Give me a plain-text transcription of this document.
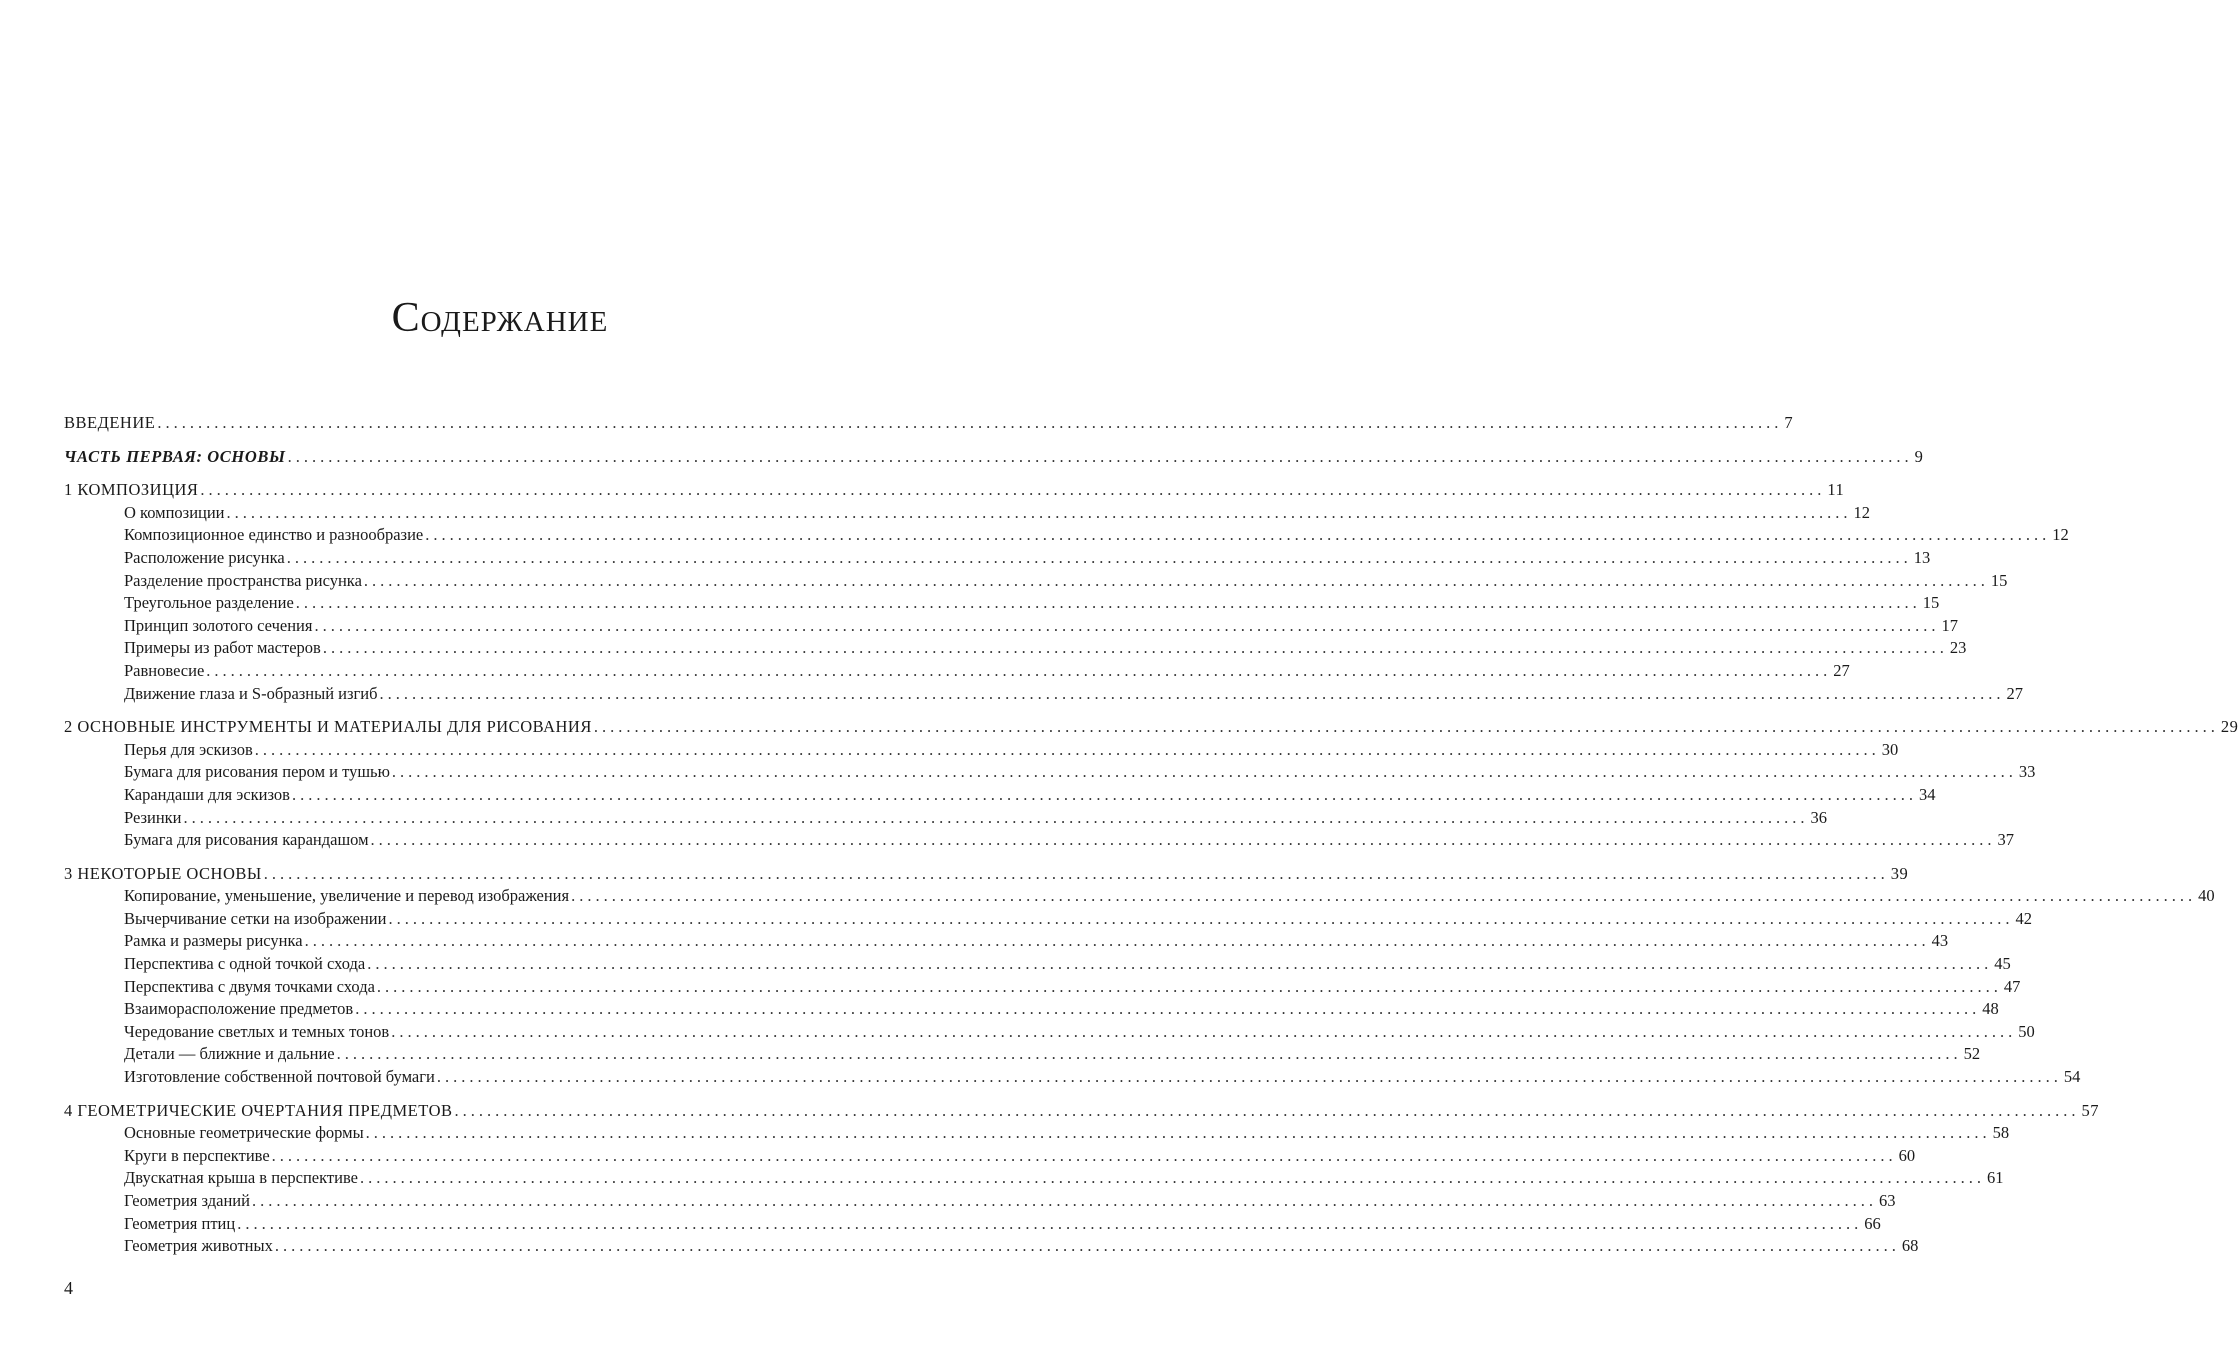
Содержание
ВВЕДЕНИЕ ........................................................................................................................................................................................................ 7
ЧАСТЬ ПЕРВАЯ: ОСНОВЫ ........................................................................................................................................................................................................ 9
1 КОМПОЗИЦИЯ ........................................................................................................................................................................................................ 11
О композиции ........................................................................................................................................................................................................ 12
Композиционное единство и разнообразие ........................................................................................................................................................................................................ 12
Расположение рисунка ........................................................................................................................................................................................................ 13
Разделение пространства рисунка ........................................................................................................................................................................................................ 15
Треугольное разделение ........................................................................................................................................................................................................ 15
Принцип золотого сечения ........................................................................................................................................................................................................ 17
Примеры из работ мастеров ........................................................................................................................................................................................................ 23
Равновесие ........................................................................................................................................................................................................ 27
Движение глаза и S-образный изгиб ........................................................................................................................................................................................................ 27
2 ОСНОВНЫЕ ИНСТРУМЕНТЫ И МАТЕРИАЛЫ ДЛЯ РИСОВАНИЯ ........................................................................................................................................................................................................ 29
Перья для эскизов ........................................................................................................................................................................................................ 30
Бумага для рисования пером и тушью ........................................................................................................................................................................................................ 33
Карандаши для эскизов ........................................................................................................................................................................................................ 34
Резинки ........................................................................................................................................................................................................ 36
Бумага для рисования карандашом ........................................................................................................................................................................................................ 37
3 НЕКОТОРЫЕ ОСНОВЫ ........................................................................................................................................................................................................ 39
Копирование, уменьшение, увеличение и перевод изображения ........................................................................................................................................................................................................ 40
Вычерчивание сетки на изображении ........................................................................................................................................................................................................ 42
Рамка и размеры рисунка ........................................................................................................................................................................................................ 43
Перспектива с одной точкой схода ........................................................................................................................................................................................................ 45
Перспектива с двумя точками схода ........................................................................................................................................................................................................ 47
Взаиморасположение предметов ........................................................................................................................................................................................................ 48
Чередование светлых и темных тонов ........................................................................................................................................................................................................ 50
Детали — ближние и дальние ........................................................................................................................................................................................................ 52
Изготовление собственной почтовой бумаги ........................................................................................................................................................................................................ 54
4 ГЕОМЕТРИЧЕСКИЕ ОЧЕРТАНИЯ ПРЕДМЕТОВ ........................................................................................................................................................................................................ 57
Основные геометрические формы ........................................................................................................................................................................................................ 58
Круги в перспективе ........................................................................................................................................................................................................ 60
Двускатная крыша в перспективе ........................................................................................................................................................................................................ 61
Геометрия зданий ........................................................................................................................................................................................................ 63
Геометрия птиц ........................................................................................................................................................................................................ 66
Геометрия животных ........................................................................................................................................................................................................ 68
4
